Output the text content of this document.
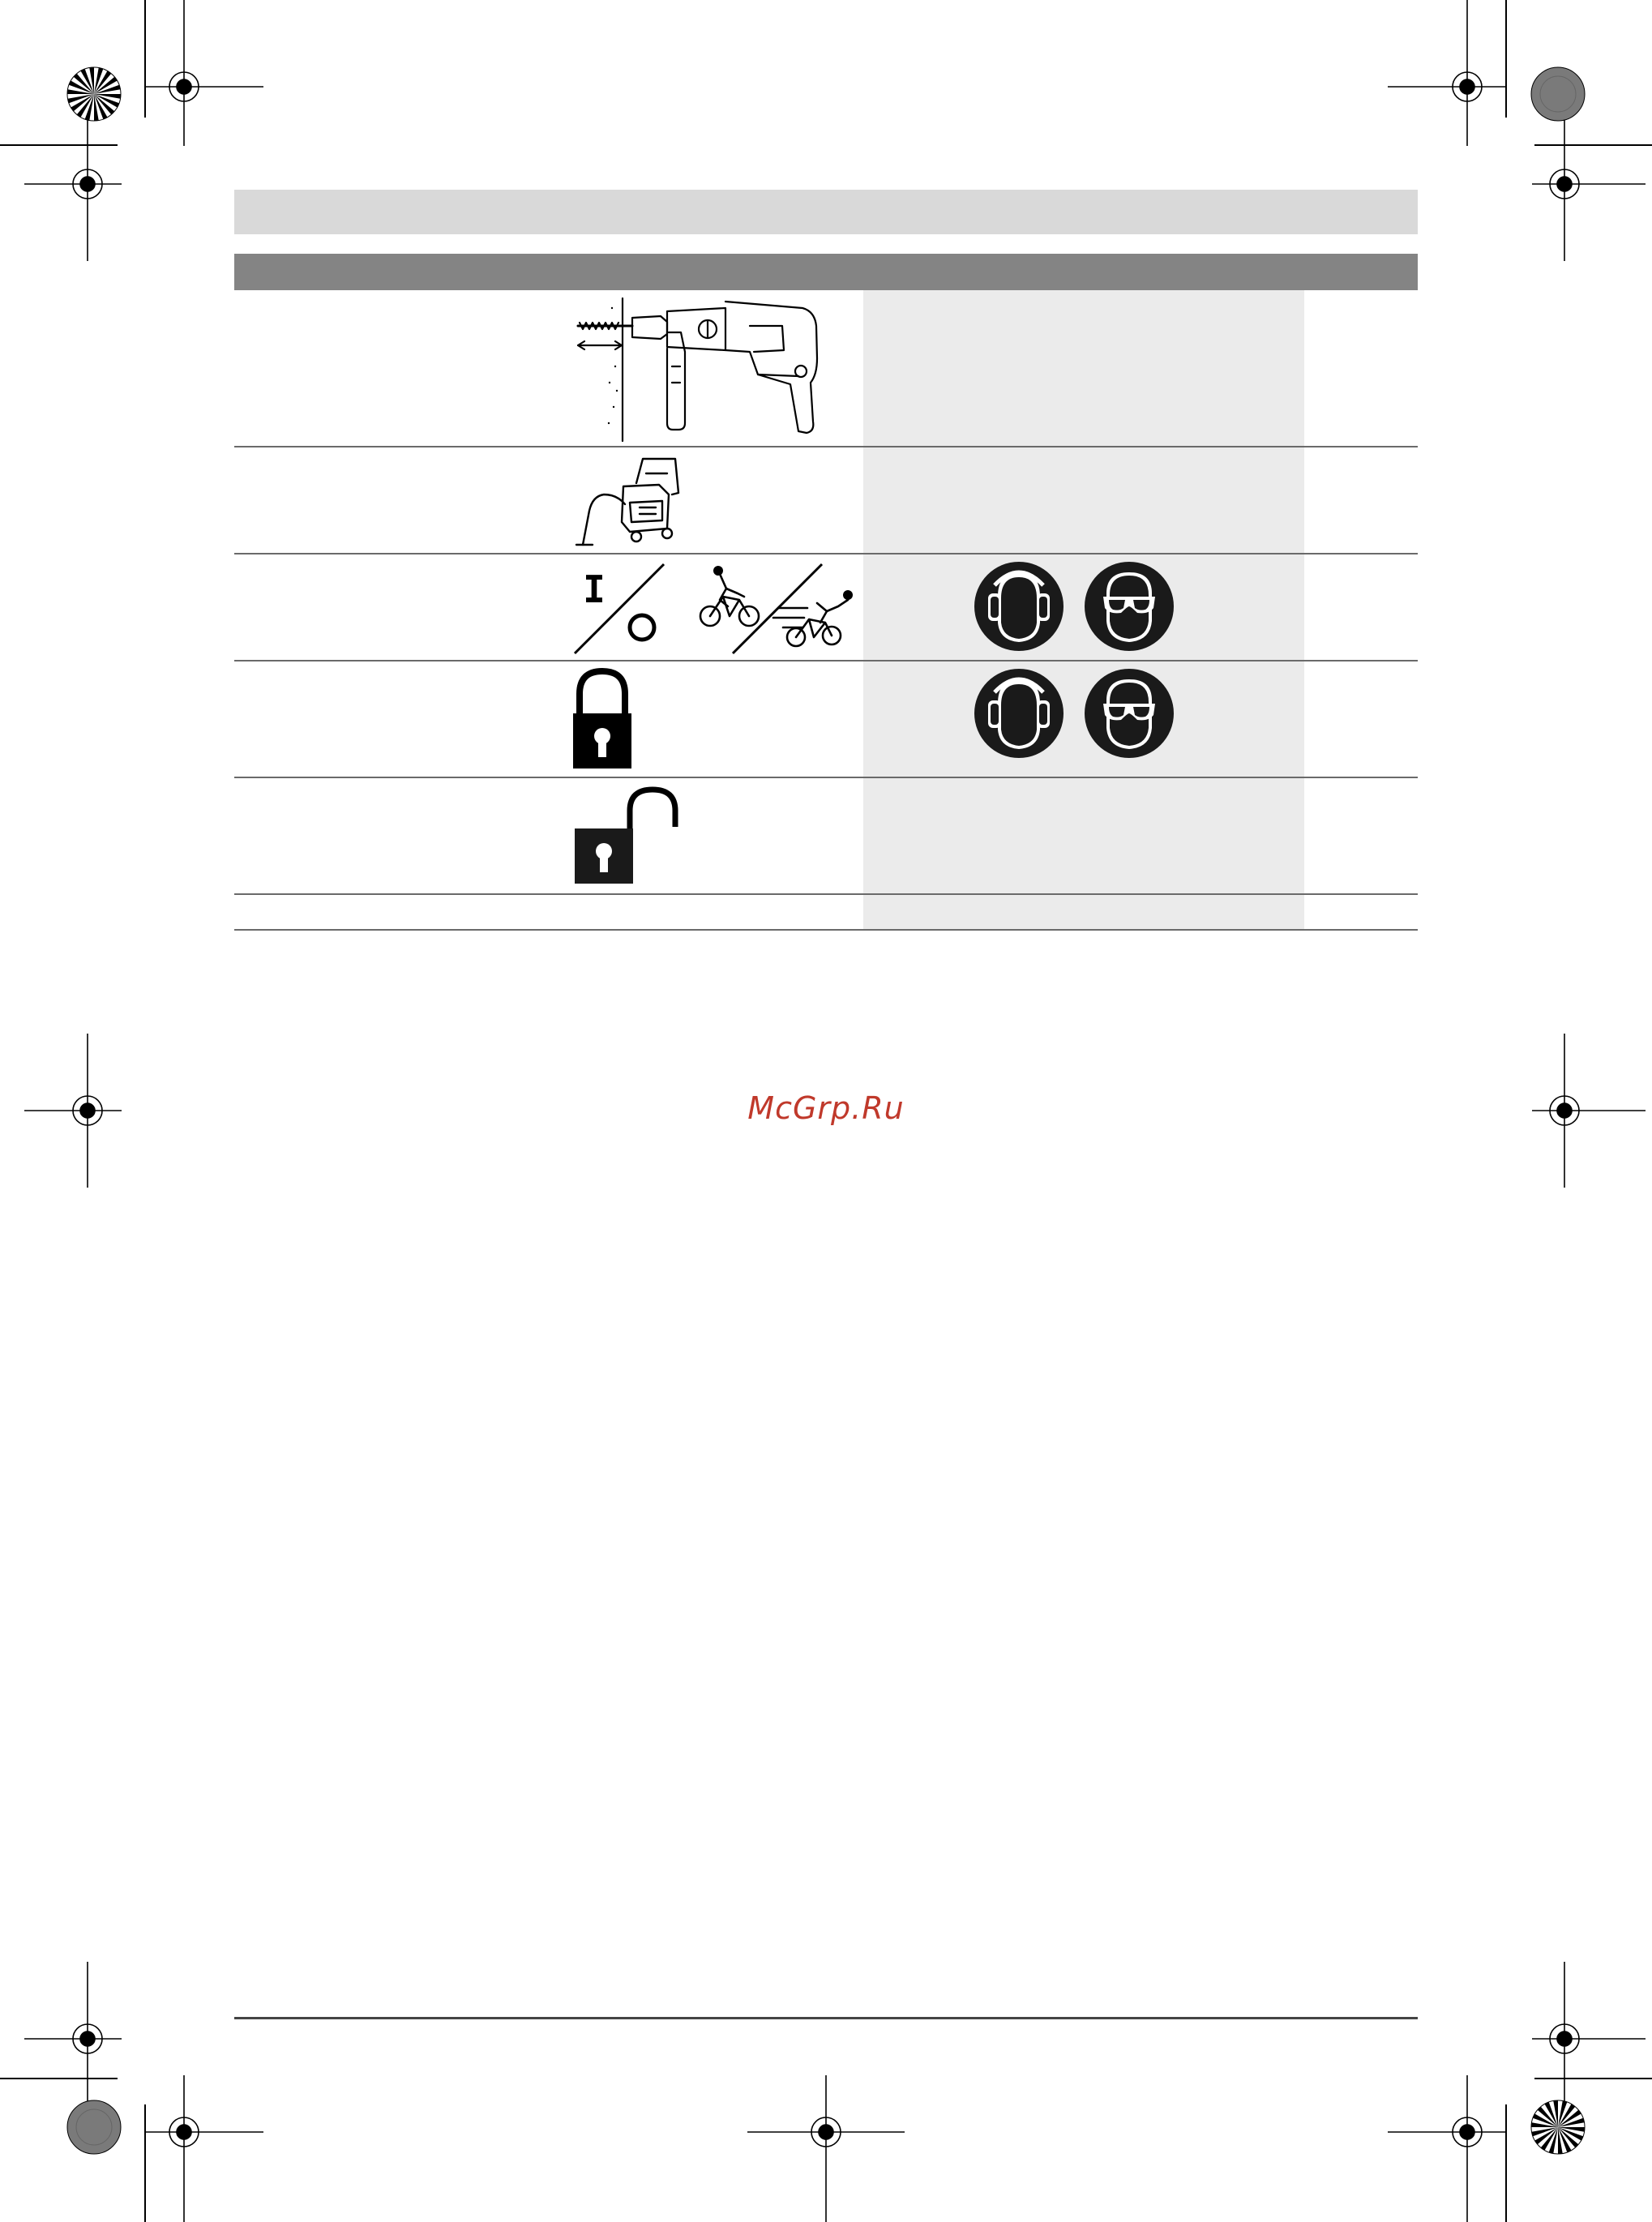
I
McGrp.Ru
